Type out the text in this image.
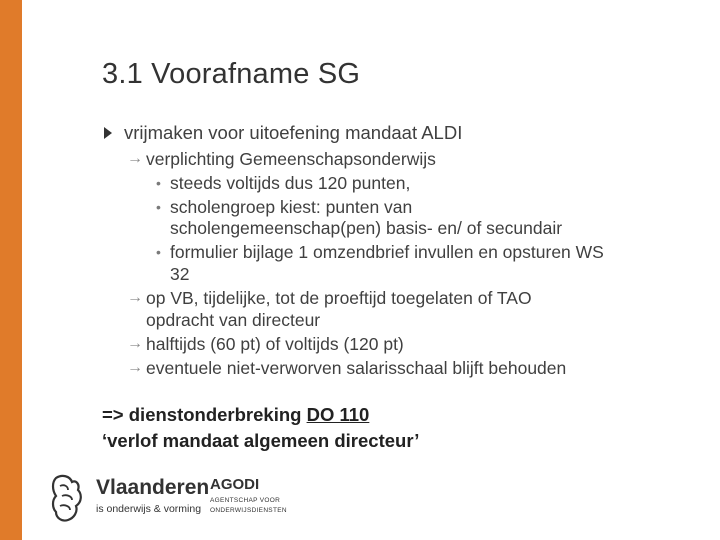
3.1 Voorafname SG
vrijmaken voor uitoefening mandaat ALDI
→ verplichting Gemeenschapsonderwijs
• steeds voltijds dus 120 punten,
• scholengroep kiest: punten van
scholengemeenschap(pen) basis- en/ of secundair
• formulier bijlage 1 omzendbrief invullen en opsturen WS
32
→ op VB, tijdelijke, tot de proeftijd toegelaten of TAO
opdracht van directeur
→ halftijds (60 pt) of voltijds (120 pt)
→ eventuele niet-verworven salarisschaal blijft behouden
=> dienstonderbreking DO 110
‘verlof mandaat algemeen directeur’
Vlaanderen
is onderwijs & vorming
AGODI
AGENTSCHAP VOOR
ONDERWIJSDIENSTEN
